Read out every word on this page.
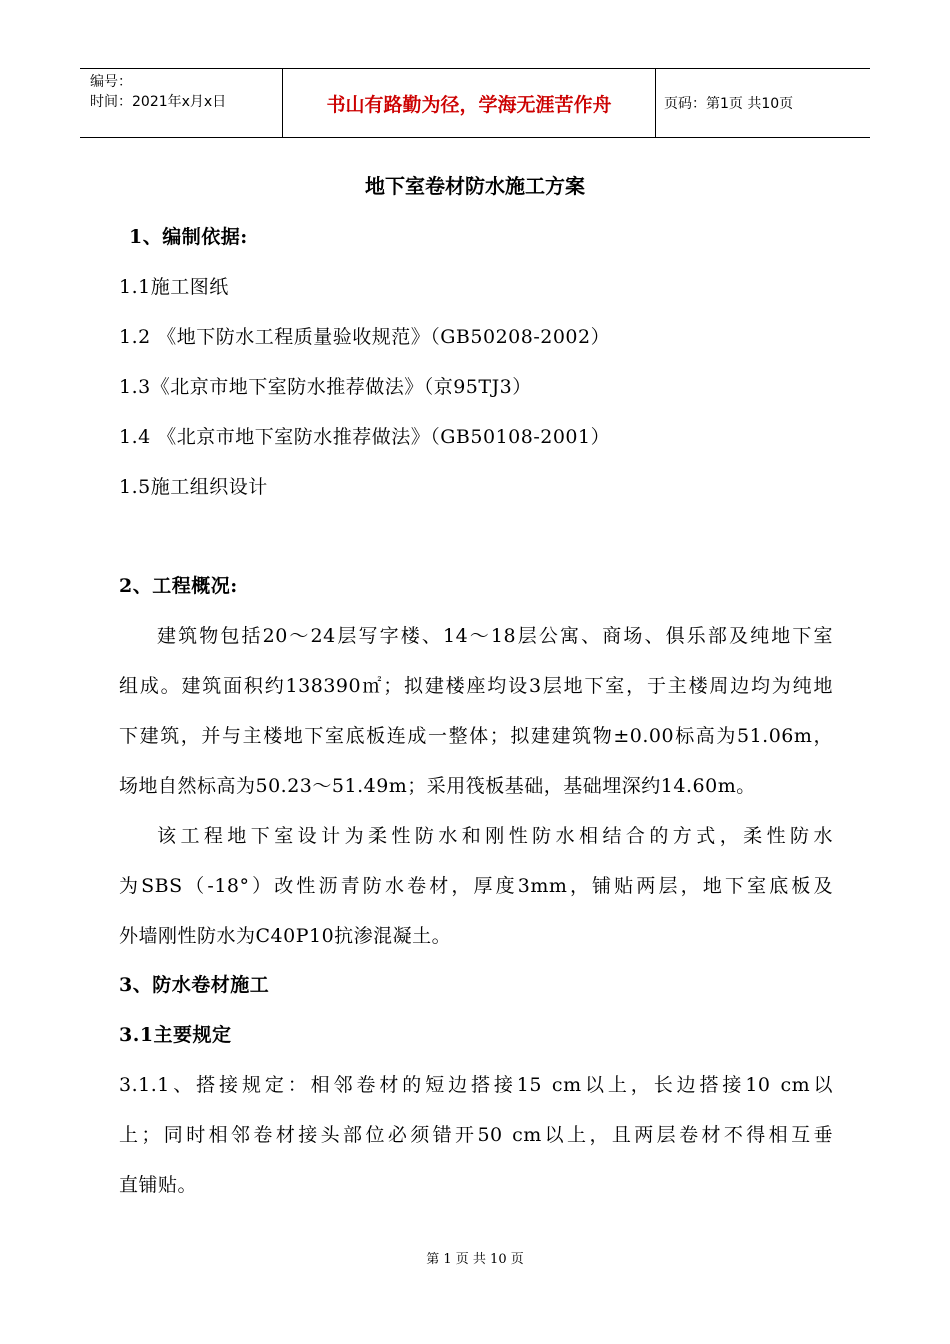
编号：
时间：2021年x月x日	书山有路勤为径，学海无涯苦作舟	页码：第1页 共10页
地下室卷材防水施工方案
1、编制依据:
1.1施工图纸
1.2 《地下防水工程质量验收规范》（GB50208-2002）
1.3《北京市地下室防水推荐做法》（京95TJ3）
1.4 《北京市地下室防水推荐做法》（GB50108-2001）
1.5施工组织设计
2、工程概况:
建筑物包括20～24层写字楼、14～18层公寓、商场、俱乐部及纯地下室
组成。建筑面积约138390㎡；拟建楼座均设3层地下室，于主楼周边均为纯地
下建筑，并与主楼地下室底板连成一整体；拟建建筑物±0.00标高为51.06m，
场地自然标高为50.23～51.49m；采用筏板基础，基础埋深约14.60m。
该工程地下室设计为柔性防水和刚性防水相结合的方式，柔性防水
为SBS（-18°）改性沥青防水卷材，厚度3mm，铺贴两层，地下室底板及
外墙刚性防水为C40P10抗渗混凝土。
3、防水卷材施工
3.1主要规定
3.1.1、搭接规定：相邻卷材的短边搭接15 cm以上，长边搭接10 cm以
上；同时相邻卷材接头部位必须错开50 cm以上，且两层卷材不得相互垂
直铺贴。
第 1 页 共 10 页
